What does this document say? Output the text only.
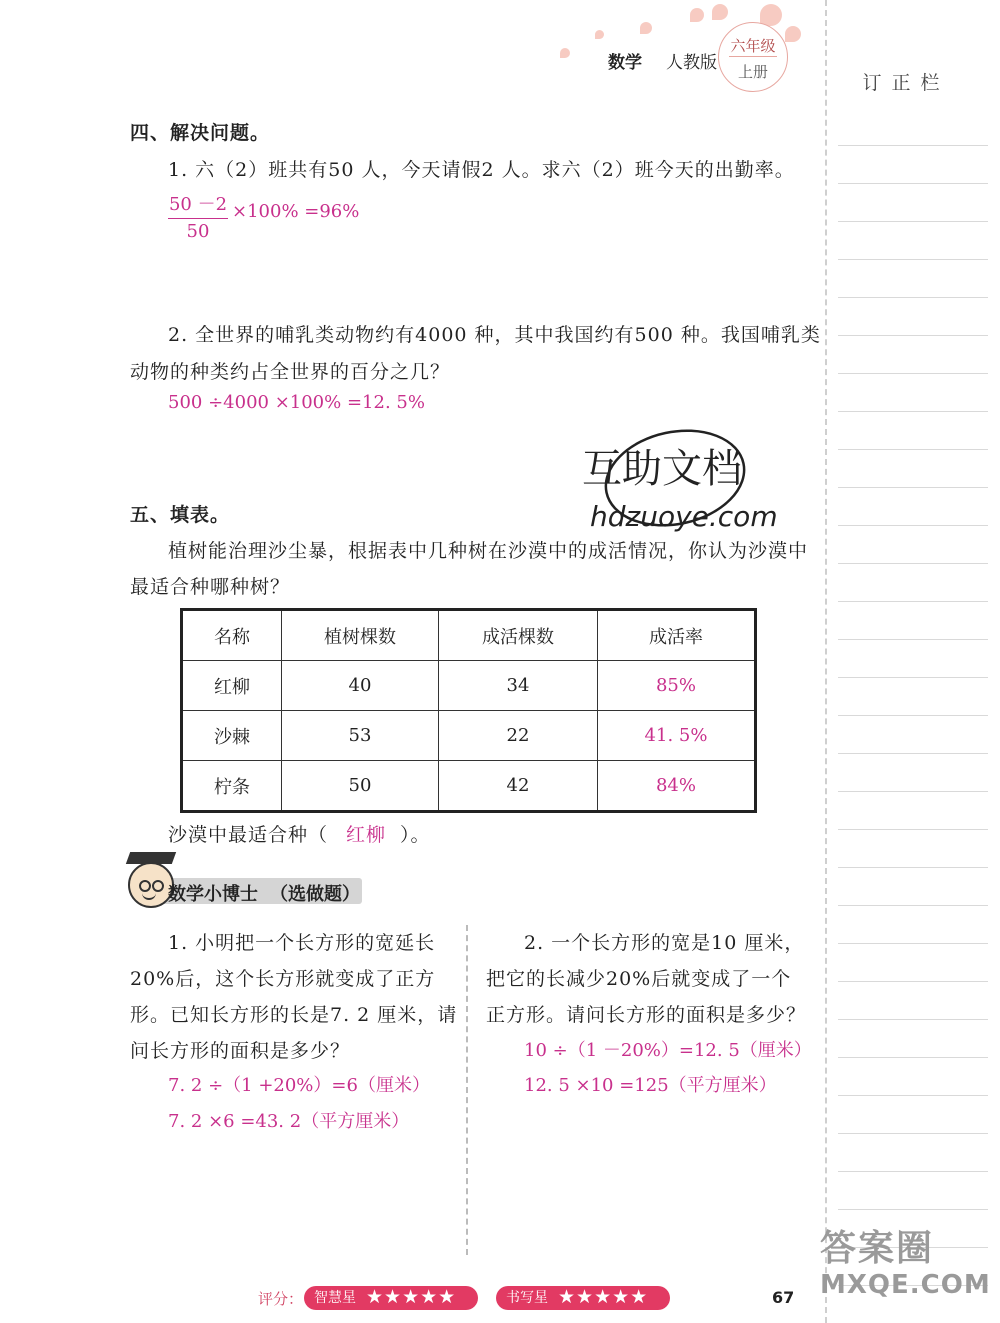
数学 人教版
六年级
上册	订正栏
四、解决问题。
1. 六（2）班共有50 人，今天请假2 人。求六（2）班今天的出勤率。
50 －2
50
×100% =96%
2. 全世界的哺乳类动物约有4000 种，其中我国约有500 种。我国哺乳类
动物的种类约占全世界的百分之几？
500 ÷4000 ×100% =12. 5%
互助文档
hdzuoye.com
五、填表。
植树能治理沙尘暴，根据表中几种树在沙漠中的成活情况，你认为沙漠中
最适合种哪种树？
名称	植树棵数	成活棵数	成活率
红柳	40	34	85%
沙棘	53	22	41. 5%
柠条	50	42	84%
沙漠中最适合种（ 红柳 ）。
数学小博士 （选做题）
1. 小明把一个长方形的宽延长
20%后，这个长方形就变成了正方
形。已知长方形的长是7. 2 厘米，请
问长方形的面积是多少？
7. 2 ÷（1 +20%）=6（厘米）
7. 2 ×6 =43. 2（平方厘米）
2. 一个长方形的宽是10 厘米，
把它的长减少20%后就变成了一个
正方形。请问长方形的面积是多少？
10 ÷（1 －20%）=12. 5（厘米）
12. 5 ×10 =125（平方厘米）
评分： 智慧星 ★★★★★	书写星 ★★★★★	67
答案圈
MXQE.COM
